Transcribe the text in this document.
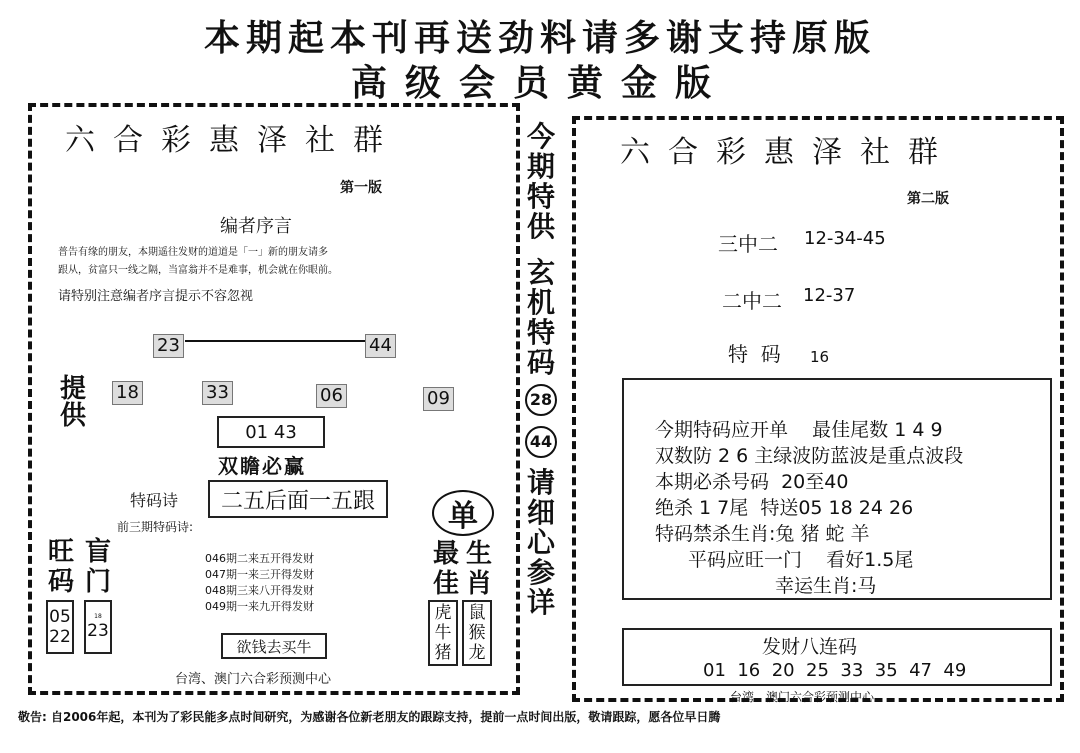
本期起本刊再送劲料请多谢支持原版
高级会员黄金版
六合彩惠泽社群
第一版
编者序言
普告有缘的朋友，本期遥往发财的道道是「一」新的朋友请多
跟从，贫富只一线之隔，当富翁并不是难事，机会就在你眼前。
请特别注意编者序言提示不容忽视
23	44
提
供
18	33	06	09
01 43
双瞻必赢
特码诗	二五后面一五跟
前三期特码诗:
046期二来五开得发财
047期一来三开得发财
048期三来八开得发财
049期一来九开得发财
旺
码
盲
门
05
22
18
23
欲钱去买牛
单
最
佳
生
肖
虎
牛
猪
鼠
猴
龙
台湾、澳门六合彩预测中心
今
期
特
供
玄
机
特
码
28
44
请
细
心
参
详
六合彩惠泽社群
第二版
三中二 12-34-45
二中二 12-37
特  码 16
今期特码应开单    最佳尾数 1 4 9
双数防 2 6 主绿波防蓝波是重点波段
本期必杀号码  20至40
绝杀 1 7尾  特送05 18 24 26
特码禁杀生肖:兔 猪 蛇 羊
平码应旺一门    看好1.5尾
幸运生肖:马
发财八连码
01  16  20  25  33  35  47  49
台湾、澳门六合彩预测中心
敬告: 自2006年起，本刊为了彩民能多点时间研究，为感谢各位新老朋友的跟踪支持，提前一点时间出版，敬请跟踪，愿各位早日腾
